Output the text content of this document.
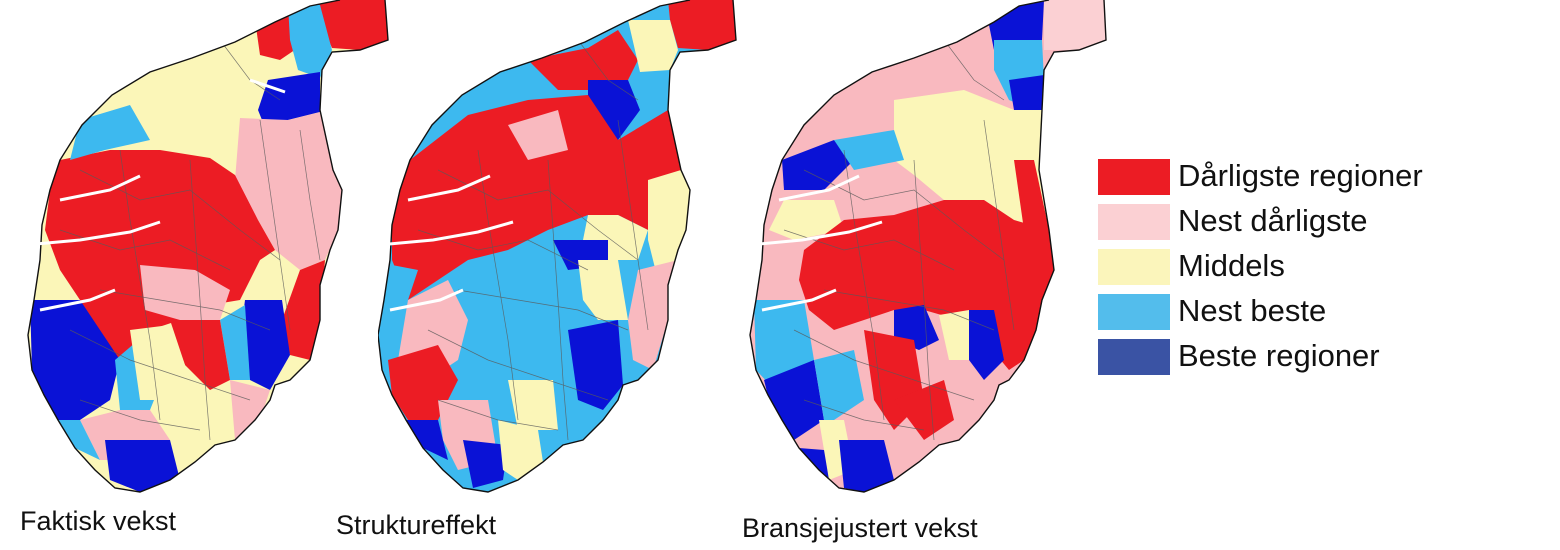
Faktisk vekst	Struktureffekt	Bransjejustert vekst
Dårligste regioner
Nest dårligste
Middels
Nest beste
Beste regioner
